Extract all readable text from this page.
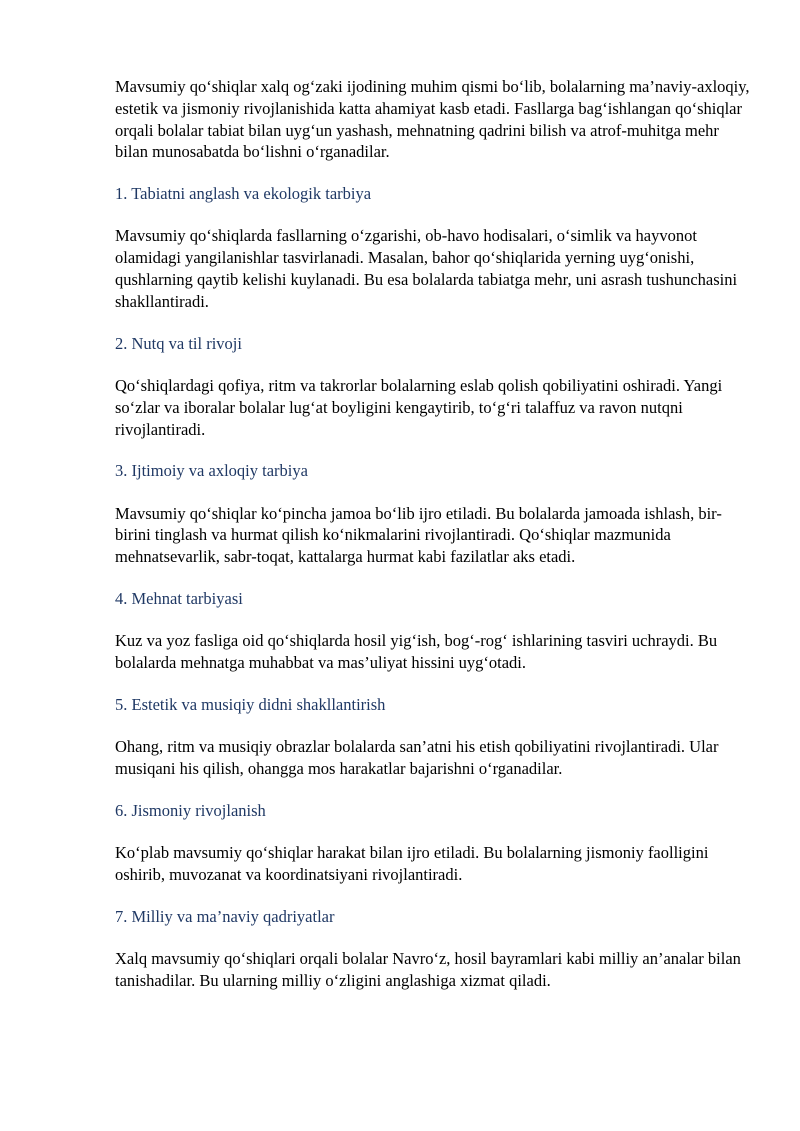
Mavsumiy qo‘shiqlar xalq og‘zaki ijodining muhim qismi bo‘lib, bolalarning ma’naviy-axloqiy, estetik va jismoniy rivojlanishida katta ahamiyat kasb etadi. Fasllarga bag‘ishlangan qo‘shiqlar orqali bolalar tabiat bilan uyg‘un yashash, mehnatning qadrini bilish va atrof-muhitga mehr bilan munosabatda bo‘lishni o‘rganadilar.

1. Tabiatni anglash va ekologik tarbiya

Mavsumiy qo‘shiqlarda fasllarning o‘zgarishi, ob-havo hodisalari, o‘simlik va hayvonot olamidagi yangilanishlar tasvirlanadi. Masalan, bahor qo‘shiqlarida yerning uyg‘onishi, qushlarning qaytib kelishi kuylanadi. Bu esa bolalarda tabiatga mehr, uni asrash tushunchasini shakllantiradi.

2. Nutq va til rivoji

Qo‘shiqlardagi qofiya, ritm va takrorlar bolalarning eslab qolish qobiliyatini oshiradi. Yangi so‘zlar va iboralar bolalar lug‘at boyligini kengaytirib, to‘g‘ri talaffuz va ravon nutqni rivojlantiradi.

3. Ijtimoiy va axloqiy tarbiya

Mavsumiy qo‘shiqlar ko‘pincha jamoa bo‘lib ijro etiladi. Bu bolalarda jamoada ishlash, bir-birini tinglash va hurmat qilish ko‘nikmalarini rivojlantiradi. Qo‘shiqlar mazmunida mehnatsevarlik, sabr-toqat, kattalarga hurmat kabi fazilatlar aks etadi.

4. Mehnat tarbiyasi

Kuz va yoz fasliga oid qo‘shiqlarda hosil yig‘ish, bog‘-rog‘ ishlarining tasviri uchraydi. Bu bolalarda mehnatga muhabbat va mas’uliyat hissini uyg‘otadi.

5. Estetik va musiqiy didni shakllantirish

Ohang, ritm va musiqiy obrazlar bolalarda san’atni his etish qobiliyatini rivojlantiradi. Ular musiqani his qilish, ohangga mos harakatlar bajarishni o‘rganadilar.

6. Jismoniy rivojlanish

Ko‘plab mavsumiy qo‘shiqlar harakat bilan ijro etiladi. Bu bolalarning jismoniy faolligini oshirib, muvozanat va koordinatsiyani rivojlantiradi.

7. Milliy va ma’naviy qadriyatlar

Xalq mavsumiy qo‘shiqlari orqali bolalar Navro‘z, hosil bayramlari kabi milliy an’analar bilan tanishadilar. Bu ularning milliy o‘zligini anglashiga xizmat qiladi.
